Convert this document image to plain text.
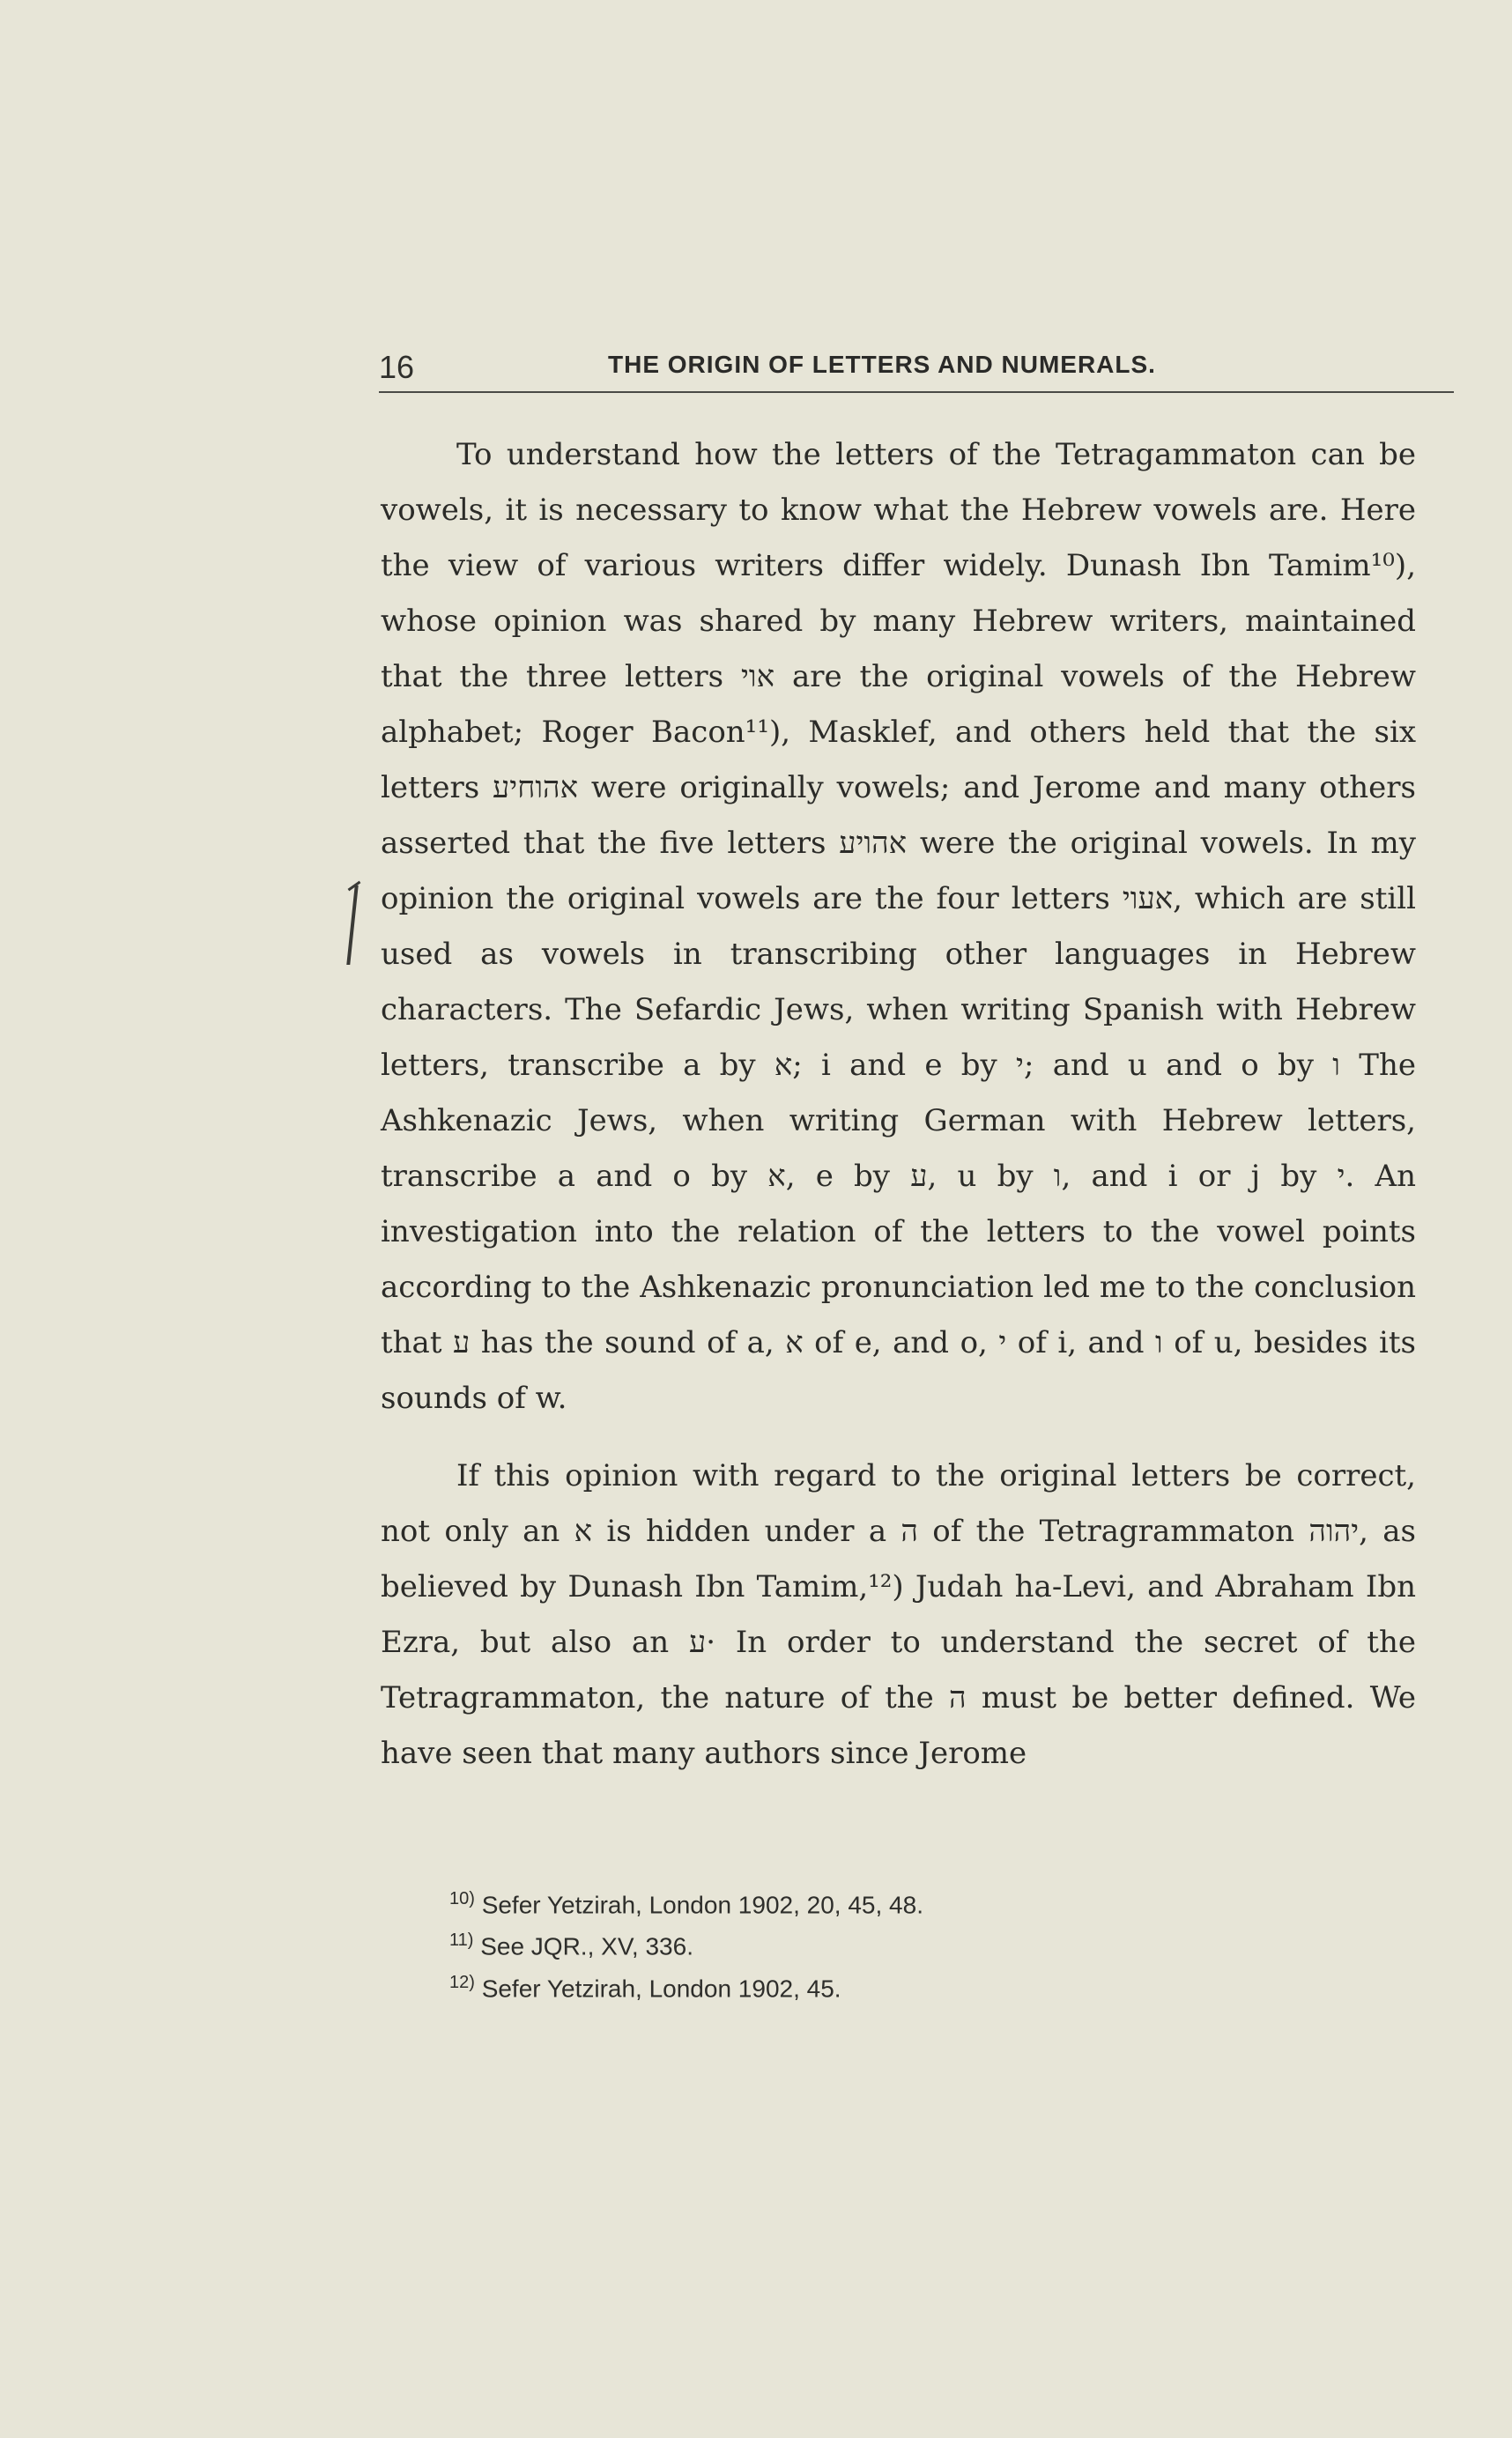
16	THE ORIGIN OF LETTERS AND NUMERALS.

To understand how the letters of the Tetragammaton can be vowels, it is necessary to know what the Hebrew vowels are. Here the view of various writers differ widely. Dunash Ibn Tamim¹⁰), whose opinion was shared by many Hebrew writers, maintained that the three letters אוי are the original vowels of the Hebrew alphabet; Roger Bacon¹¹), Masklef, and others held that the six letters אהוחיע were originally vowels; and Jerome and many others asserted that the five letters אהויע were the original vowels. In my opinion the original vowels are the four letters אעוי, which are still used as vowels in transcribing other languages in Hebrew characters. The Sefardic Jews, when writing Spanish with Hebrew letters, transcribe a by א; i and e by י; and u and o by ו The Ashkenazic Jews, when writing German with Hebrew letters, transcribe a and o by א, e by ע, u by ו, and i or j by י. An investigation into the relation of the letters to the vowel points according to the Ashkenazic pronunciation led me to the conclusion that ע has the sound of a, א of e, and o, י of i, and ו of u, besides its sounds of w.

If this opinion with regard to the original letters be correct, not only an א is hidden under a ה of the Tetragrammaton יהוה, as believed by Dunash Ibn Tamim,¹²) Judah ha-Levi, and Abraham Ibn Ezra, but also an ע· In order to understand the secret of the Tetragrammaton, the nature of the ה must be better defined. We have seen that many authors since Jerome

$^{10)}$ Sefer Yetzirah, London 1902, 20, 45, 48.

$^{11)}$ See JQR., XV, 336.

$^{12)}$ Sefer Yetzirah, London 1902, 45.
